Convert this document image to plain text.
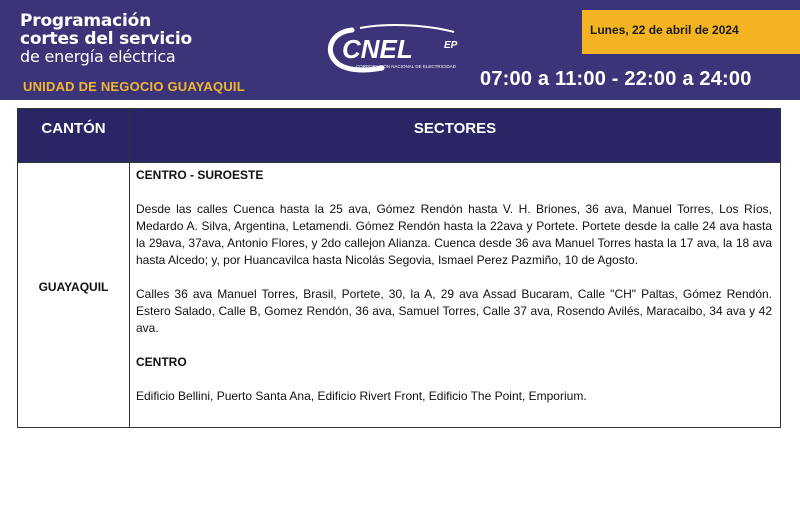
Programación
cortes del servicio
de energía eléctrica
UNIDAD DE NEGOCIO GUAYAQUIL
CNEL	EP
CORPORACIÓN NACIONAL DE ELECTRICIDAD
Lunes, 22 de abril de 2024
07:00 a 11:00 - 22:00 a 24:00
CANTÓN	SECTORES
GUAYAQUIL
CENTRO - SUROESTE

Desde las calles Cuenca hasta la 25 ava, Gómez Rendón hasta V. H. Briones, 36 ava, Manuel Torres, Los Ríos, Medardo A. Silva, Argentina, Letamendi. Gómez Rendón hasta la 22ava y Portete. Portete desde la calle 24 ava hasta la 29ava, 37ava, Antonio Flores, y 2do callejon Alianza. Cuenca desde 36 ava Manuel Torres hasta la 17 ava, la 18 ava hasta Alcedo; y, por Huancavilca hasta Nicolás Segovia, Ismael Perez Pazmiño, 10 de Agosto.

Calles 36 ava Manuel Torres, Brasil, Portete, 30, la A, 29 ava Assad Bucaram, Calle "CH" Paltas, Gómez Rendón. Estero Salado, Calle B, Gomez Rendón, 36 ava, Samuel Torres, Calle 37 ava, Rosendo Avilés, Maracaibo, 34 ava y 42 ava.

CENTRO

Edificio Bellini, Puerto Santa Ana, Edificio Rivert Front, Edificio The Point, Emporium.
